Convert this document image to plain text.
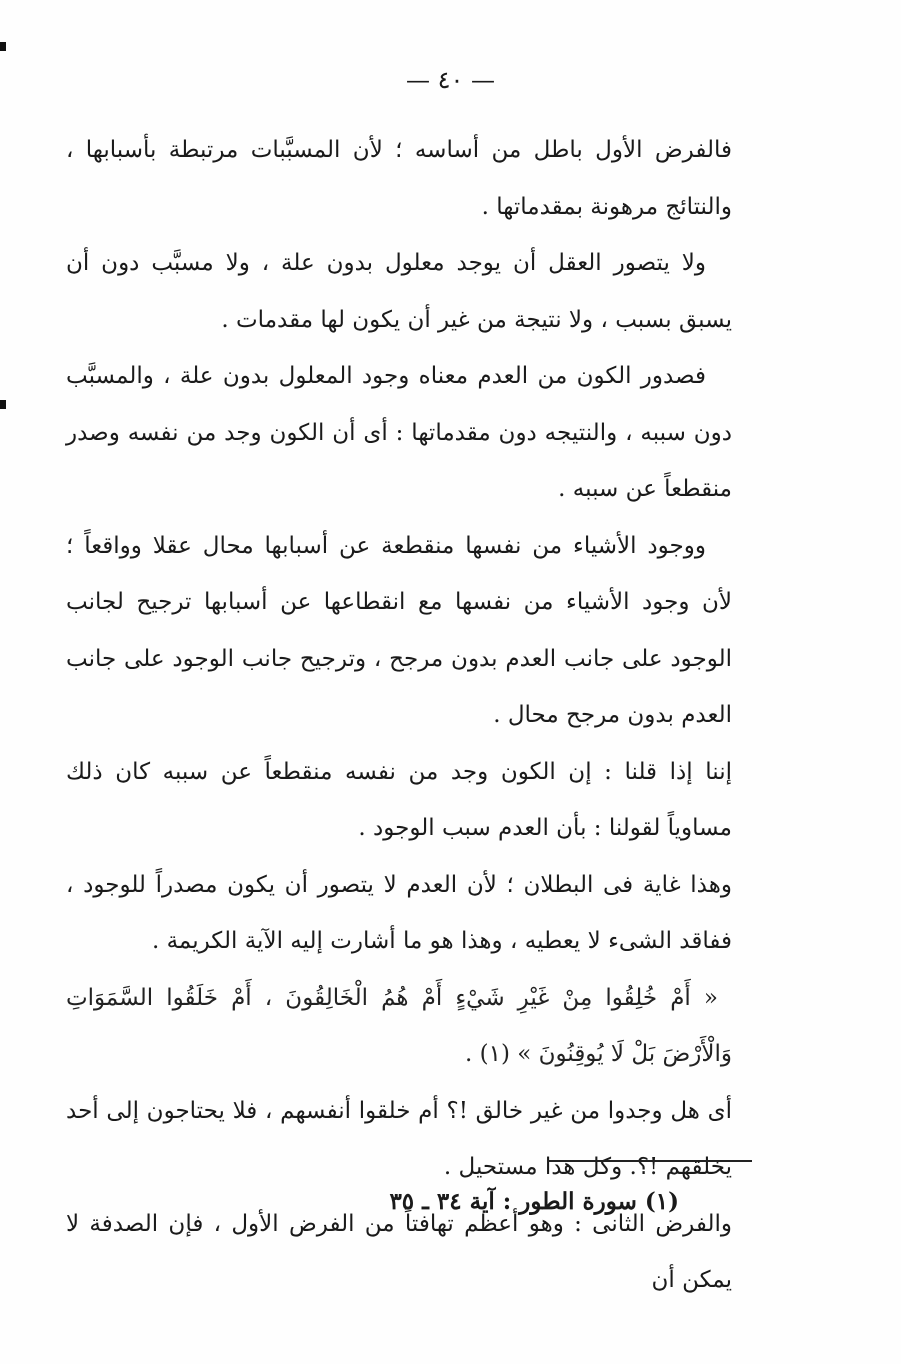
— ٤٠ —

فالفرض الأول باطل من أساسه ؛ لأن المسبَّبات مرتبطة بأسبابها ، والنتائج مرهونة بمقدماتها .

ولا يتصور العقل أن يوجد معلول بدون علة ، ولا مسبَّب دون أن يسبق بسبب ، ولا نتيجة من غير أن يكون لها مقدمات .

فصدور الكون من العدم معناه وجود المعلول بدون علة ، والمسبَّب دون سببه ، والنتيجه دون مقدماتها : أى أن الكون وجد من نفسه وصدر منقطعاً عن سببه .

ووجود الأشياء من نفسها منقطعة عن أسبابها محال عقلا وواقعاً ؛ لأن وجود الأشياء من نفسها مع انقطاعها عن أسبابها ترجيح لجانب الوجود على جانب العدم بدون مرجح ، وترجيح جانب الوجود على جانب العدم بدون مرجح محال .

إننا إذا قلنا : إن الكون وجد من نفسه منقطعاً عن سببه كان ذلك مساوياً لقولنا : بأن العدم سبب الوجود .

وهذا غاية فى البطلان ؛ لأن العدم لا يتصور أن يكون مصدراً للوجود ، ففاقد الشىء لا يعطيه ، وهذا هو ما أشارت إليه الآية الكريمة .

« أَمْ خُلِقُوا مِنْ غَيْرِ شَيْءٍ أَمْ هُمُ الْخَالِقُونَ ، أَمْ خَلَقُوا السَّمَوَاتِ وَالْأَرْضَ بَلْ لَا يُوقِنُونَ » (١) .

أى هل وجدوا من غير خالق !؟ أم خلقوا أنفسهم ، فلا يحتاجون إلى أحد يخلقهم !؟. وكل هذا مستحيل .

والفرض الثانى : وهو أعظم تهافتاً من الفرض الأول ، فإن الصدفة لا يمكن أن

(١) سورة الطور : آية ٣٤ ـ ٣٥
